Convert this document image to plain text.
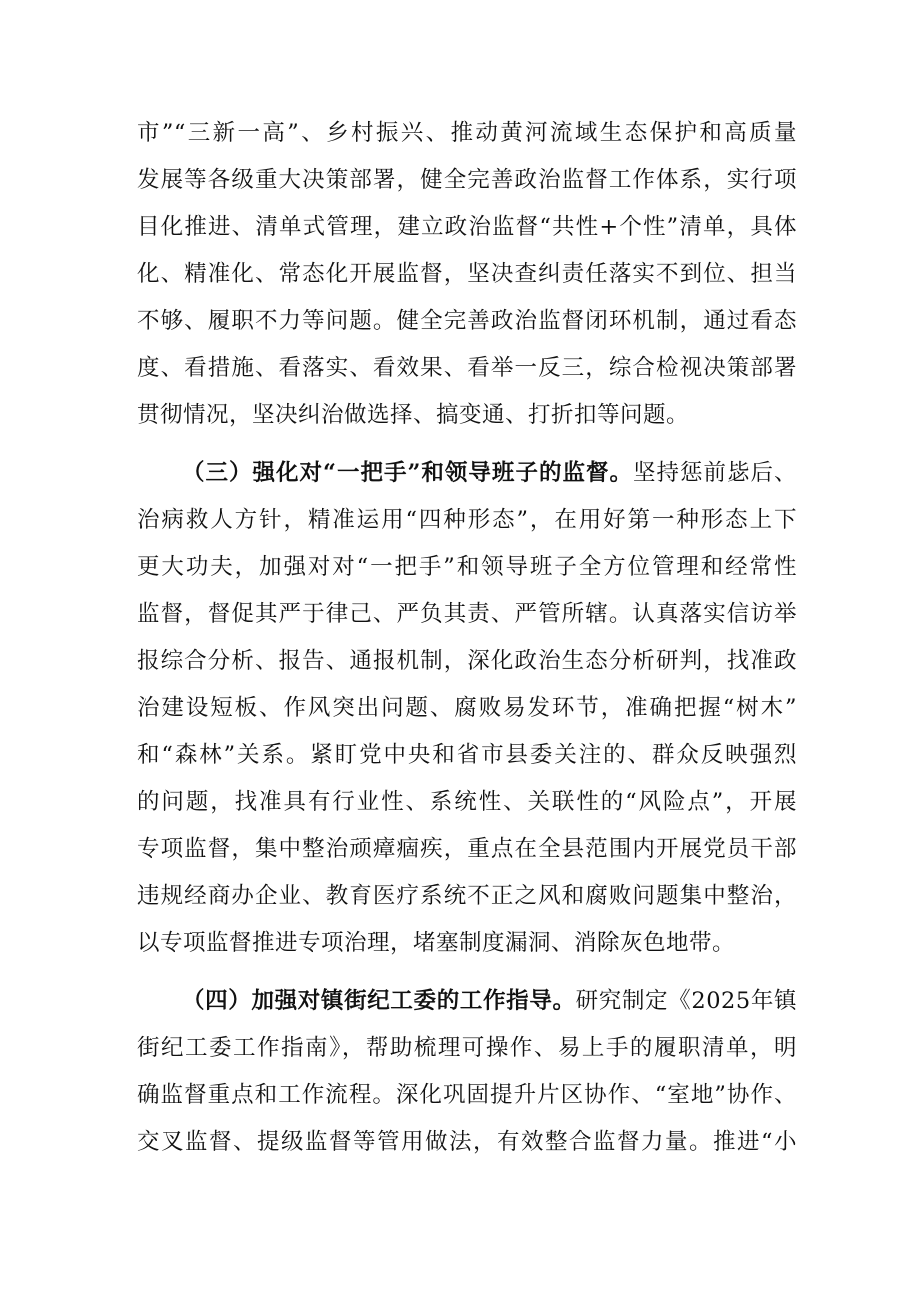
市”“三新一高”、乡村振兴、推动黄河流域生态保护和高质量
发展等各级重大决策部署，健全完善政治监督工作体系，实行项
目化推进、清单式管理，建立政治监督“共性+个性”清单，具体
化、精准化、常态化开展监督，坚决查纠责任落实不到位、担当
不够、履职不力等问题。健全完善政治监督闭环机制，通过看态
度、看措施、看落实、看效果、看举一反三，综合检视决策部署
贯彻情况，坚决纠治做选择、搞变通、打折扣等问题。
（三）强化对“一把手”和领导班子的监督。坚持惩前毖后、
治病救人方针，精准运用“四种形态”，在用好第一种形态上下
更大功夫，加强对对“一把手”和领导班子全方位管理和经常性
监督，督促其严于律己、严负其责、严管所辖。认真落实信访举
报综合分析、报告、通报机制，深化政治生态分析研判，找准政
治建设短板、作风突出问题、腐败易发环节，准确把握“树木”
和“森林”关系。紧盯党中央和省市县委关注的、群众反映强烈
的问题，找准具有行业性、系统性、关联性的“风险点”，开展
专项监督，集中整治顽瘴痼疾，重点在全县范围内开展党员干部
违规经商办企业、教育医疗系统不正之风和腐败问题集中整治，
以专项监督推进专项治理，堵塞制度漏洞、消除灰色地带。
（四）加强对镇街纪工委的工作指导。研究制定《2025年镇
街纪工委工作指南》，帮助梳理可操作、易上手的履职清单，明
确监督重点和工作流程。深化巩固提升片区协作、“室地”协作、
交叉监督、提级监督等管用做法，有效整合监督力量。推进“小
